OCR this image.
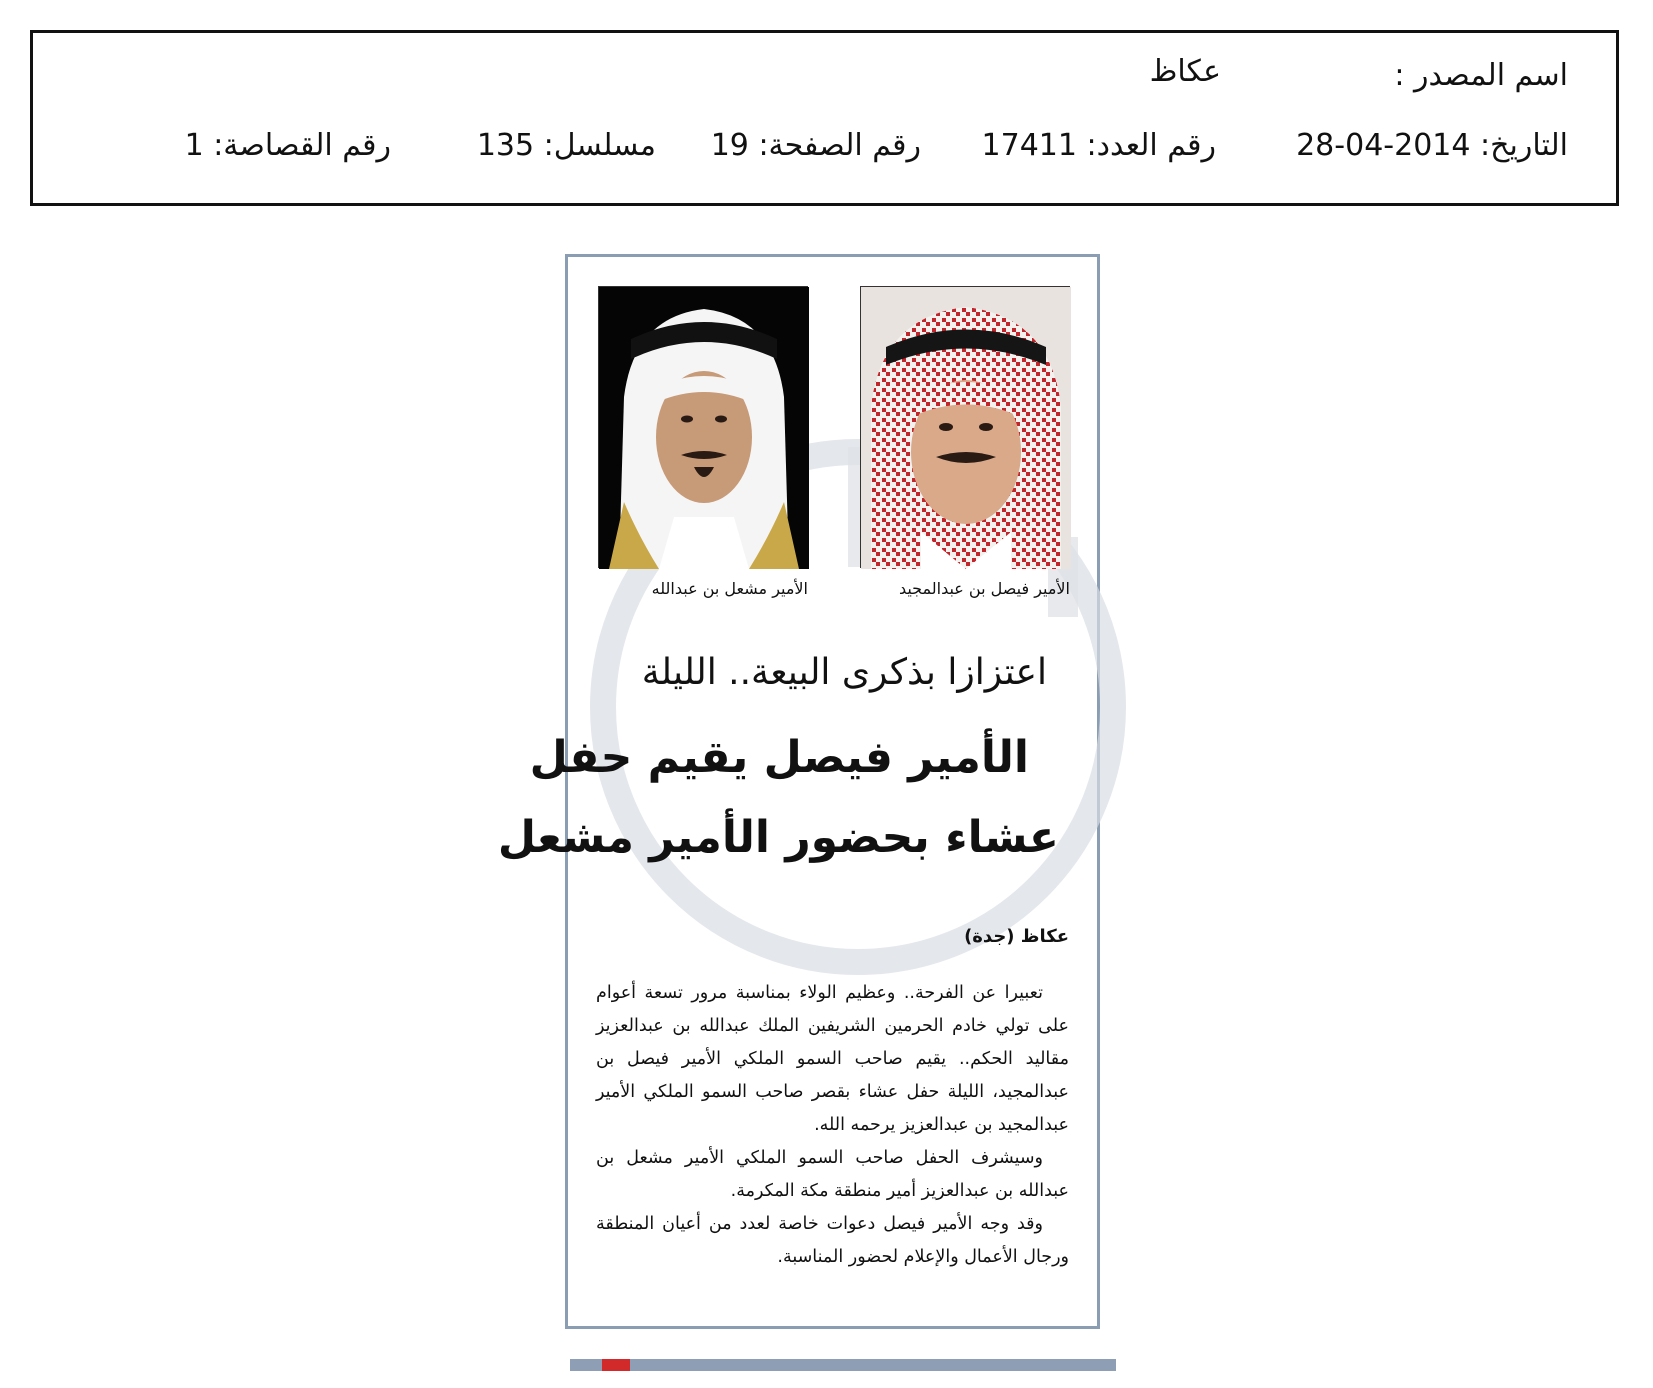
اسم المصدر :
عكاظ
التاريخ: 2014-04-28
رقم العدد: 17411
رقم الصفحة: 19
مسلسل: 135
رقم القصاصة: 1
الأمير فيصل بن عبدالمجيد
الأمير مشعل بن عبدالله
اعتزازا بذكرى البيعة.. الليلة
الأمير فيصل يقيم حفل
عشاء بحضور الأمير مشعل
عكاظ (جدة)

تعبيرا عن الفرحة.. وعظيم الولاء بمناسبة مرور تسعة أعوام على تولي خادم الحرمين الشريفين الملك عبدالله بن عبدالعزيز مقاليد الحكم.. يقيم صاحب السمو الملكي الأمير فيصل بن عبدالمجيد، الليلة حفل عشاء بقصر صاحب السمو الملكي الأمير عبدالمجيد بن عبدالعزيز يرحمه الله.

وسيشرف الحفل صاحب السمو الملكي الأمير مشعل بن عبدالله بن عبدالعزيز أمير منطقة مكة المكرمة.

وقد وجه الأمير فيصل دعوات خاصة لعدد من أعيان المنطقة ورجال الأعمال والإعلام لحضور المناسبة.
